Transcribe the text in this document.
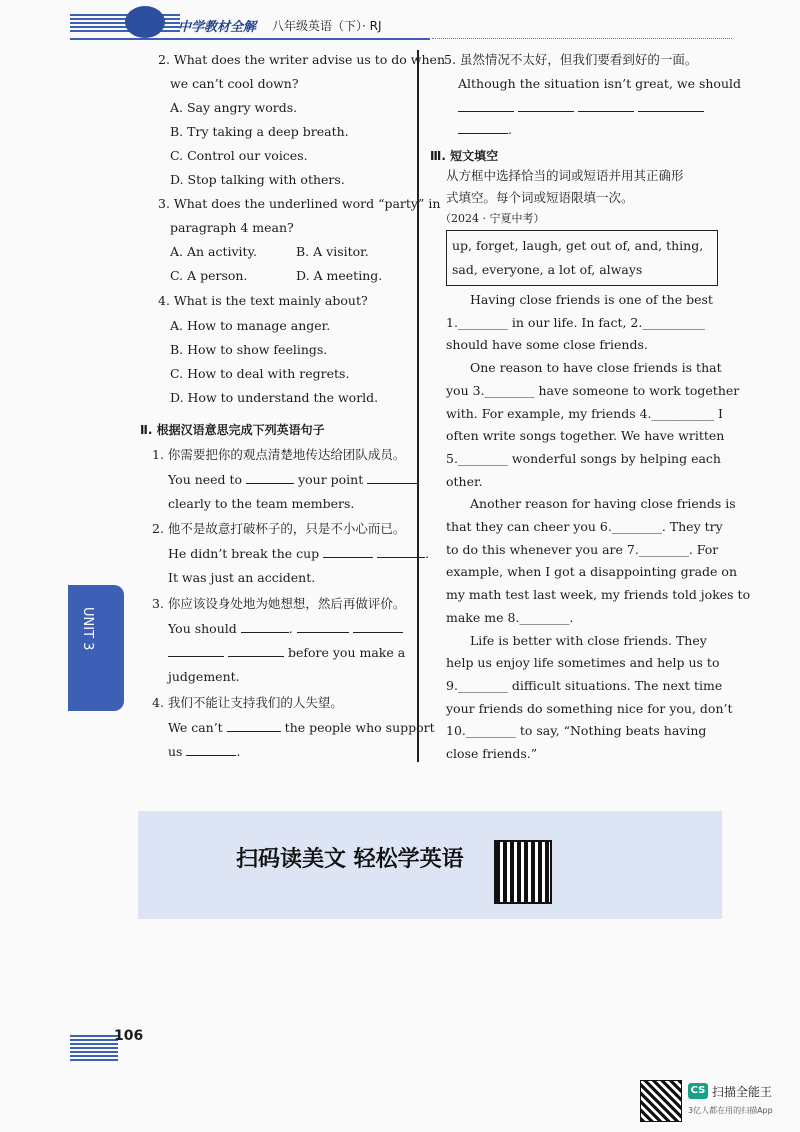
中学教材全解 八年级英语（下）· RJ
2. What does the writer advise us to do when
we can’t cool down?
A. Say angry words.
B. Try taking a deep breath.
C. Control our voices.
D. Stop talking with others.
3. What does the underlined word “party” in
paragraph 4 mean?
A. An activity.	B. A visitor.
C. A person.	D. A meeting.
4. What is the text mainly about?
A. How to manage anger.
B. How to show feelings.
C. How to deal with regrets.
D. How to understand the world.
Ⅱ. 根据汉语意思完成下列英语句子
1. 你需要把你的观点清楚地传达给团队成员。
You need to	your point
clearly to the team members.
2. 他不是故意打破杯子的，只是不小心而已。
He didn’t break the cup	.
It was just an accident.
3. 你应该设身处地为她想想，然后再做评价。
You should	.
before you make a
judgement.
4. 我们不能让支持我们的人失望。
We can’t	the people who support
us	.
UNIT 3
5. 虽然情况不太好，但我们要看到好的一面。
Although the situation isn’t great, we should

.
Ⅲ. 短文填空
从方框中选择恰当的词或短语并用其正确形
式填空。每个词或短语限填一次。
（2024 · 宁夏中考）
up, forget, laugh, get out of, and, thing,
sad, everyone, a lot of, always
Having close friends is one of the best
1.________ in our life. In fact, 2.__________
should have some close friends.
One reason to have close friends is that
you 3.________ have someone to work together
with. For example, my friends 4.__________ I
often write songs together. We have written
5.________ wonderful songs by helping each
other.
Another reason for having close friends is
that they can cheer you 6.________. They try
to do this whenever you are 7.________. For
example, when I got a disappointing grade on
my math test last week, my friends told jokes to
make me 8.________.
Life is better with close friends. They
help us enjoy life sometimes and help us to
9.________ difficult situations. The next time
your friends do something nice for you, don’t
10.________ to say, “Nothing beats having
close friends.”
扫码读美文 轻松学英语
106
CS 扫描全能王
3亿人都在用的扫描App
